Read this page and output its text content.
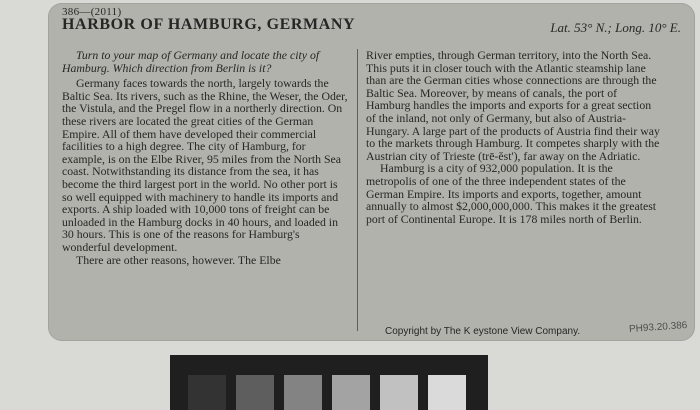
386—(2011)
HARBOR OF HAMBURG, GERMANY	Lat. 53° N.; Long. 10° E.

Turn to your map of Germany and locate the city of Hamburg. Which direction from Berlin is it?

Germany faces towards the north, largely towards the Baltic Sea. Its rivers, such as the Rhine, the Weser, the Oder, the Vistula, and the Pregel flow in a northerly direction. On these rivers are located the great cities of the German Empire. All of them have developed their commercial facilities to a high degree. The city of Hamburg, for example, is on the Elbe River, 95 miles from the North Sea coast. Notwithstanding its distance from the sea, it has become the third largest port in the world. No other port is so well equipped with machinery to handle its imports and exports. A ship loaded with 10,000 tons of freight can be unloaded in the Hamburg docks in 40 hours, and loaded in 30 hours. This is one of the reasons for Hamburg's wonderful development.

There are other reasons, however. The Elbe

River empties, through German territory, into the North Sea. This puts it in closer touch with the Atlantic steamship lane than are the German cities whose connections are through the Baltic Sea. Moreover, by means of canals, the port of Hamburg handles the imports and exports for a great section of the inland, not only of Germany, but also of Austria-Hungary. A large part of the products of Austria find their way to the markets through Hamburg. It competes sharply with the Austrian city of Trieste (trē-ĕst'), far away on the Adriatic.

Hamburg is a city of 932,000 population. It is the metropolis of one of the three independent states of the German Empire. Its imports and exports, together, amount annually to almost $2,000,000,000. This makes it the greatest port of Continental Europe. It is 178 miles north of Berlin.

Copyright by The K eystone View Company.	PH93.20.386
